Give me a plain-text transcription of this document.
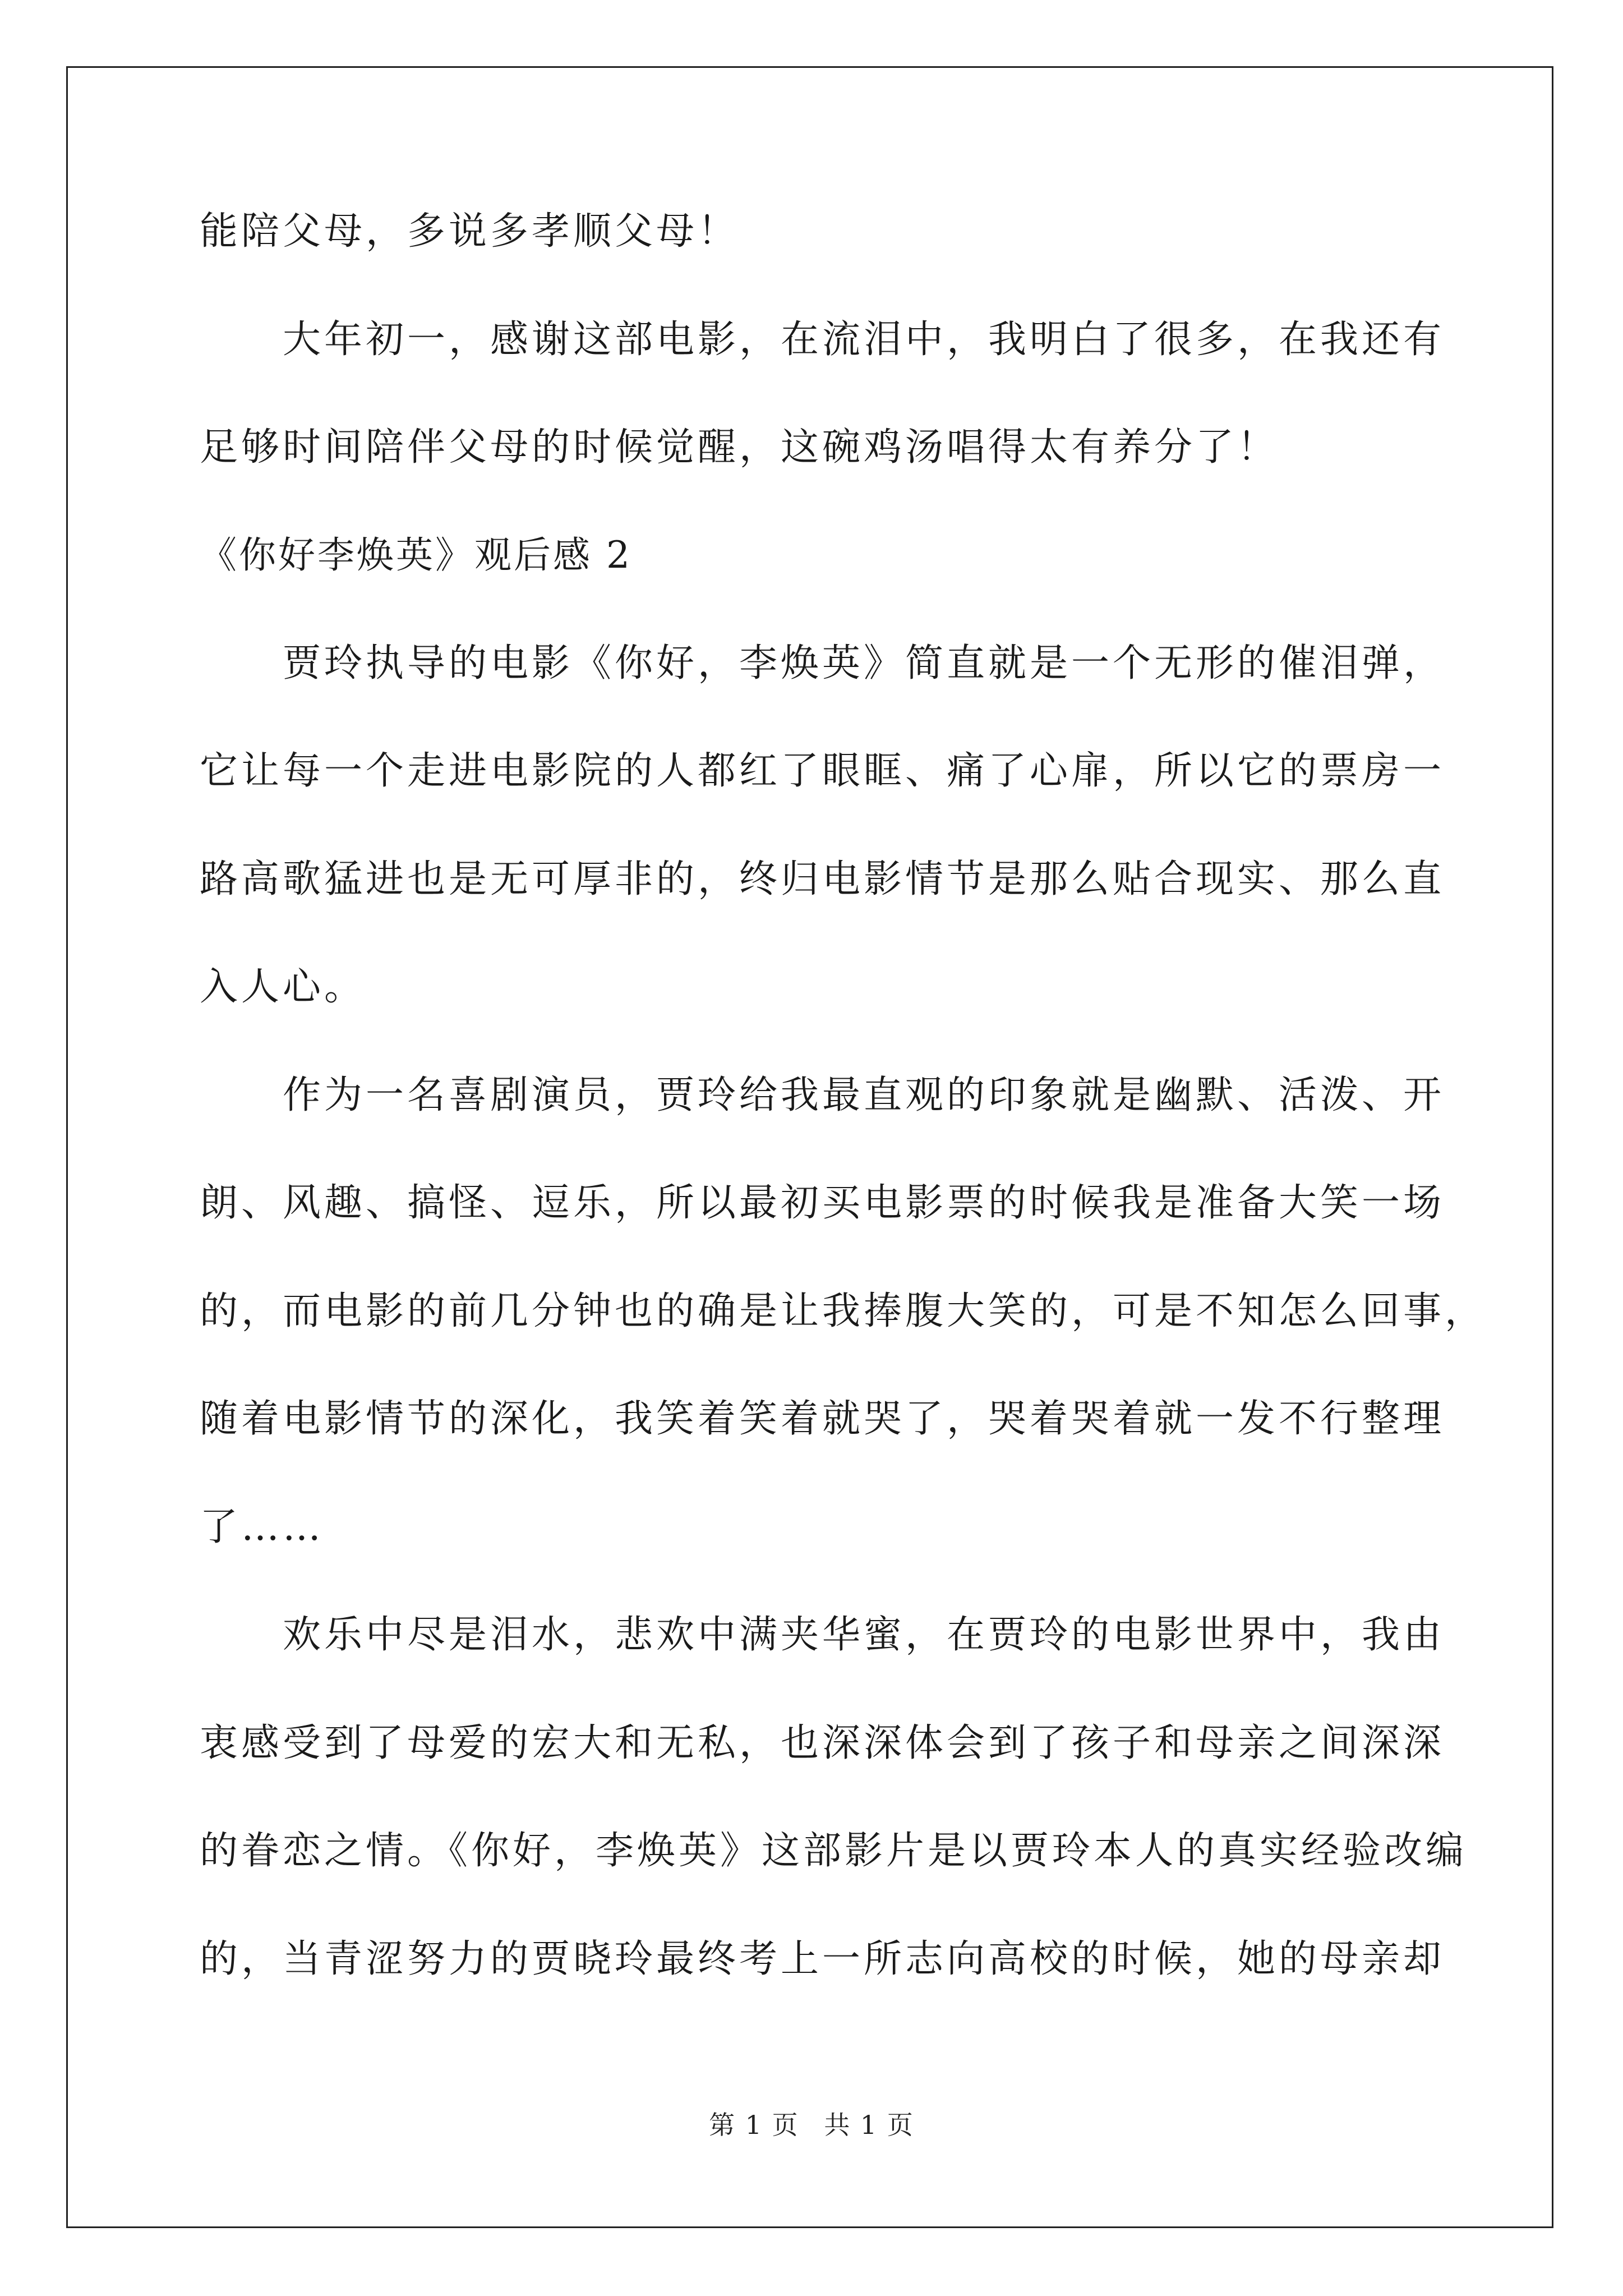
能陪父母，多说多孝顺父母！
大年初一，感谢这部电影，在流泪中，我明白了很多，在我还有
足够时间陪伴父母的时候觉醒，这碗鸡汤唱得太有养分了！
《你好李焕英》观后感 2
贾玲执导的电影《你好，李焕英》简直就是一个无形的催泪弹，
它让每一个走进电影院的人都红了眼眶、痛了心扉，所以它的票房一
路高歌猛进也是无可厚非的，终归电影情节是那么贴合现实、那么直
入人心。
作为一名喜剧演员，贾玲给我最直观的印象就是幽默、活泼、开
朗、风趣、搞怪、逗乐，所以最初买电影票的时候我是准备大笑一场
的，而电影的前几分钟也的确是让我捧腹大笑的，可是不知怎么回事，
随着电影情节的深化，我笑着笑着就哭了，哭着哭着就一发不行整理
了……
欢乐中尽是泪水，悲欢中满夹华蜜，在贾玲的电影世界中，我由
衷感受到了母爱的宏大和无私，也深深体会到了孩子和母亲之间深深
的眷恋之情。《你好，李焕英》这部影片是以贾玲本人的真实经验改编
的，当青涩努力的贾晓玲最终考上一所志向高校的时候，她的母亲却
第 1 页 共 1 页
